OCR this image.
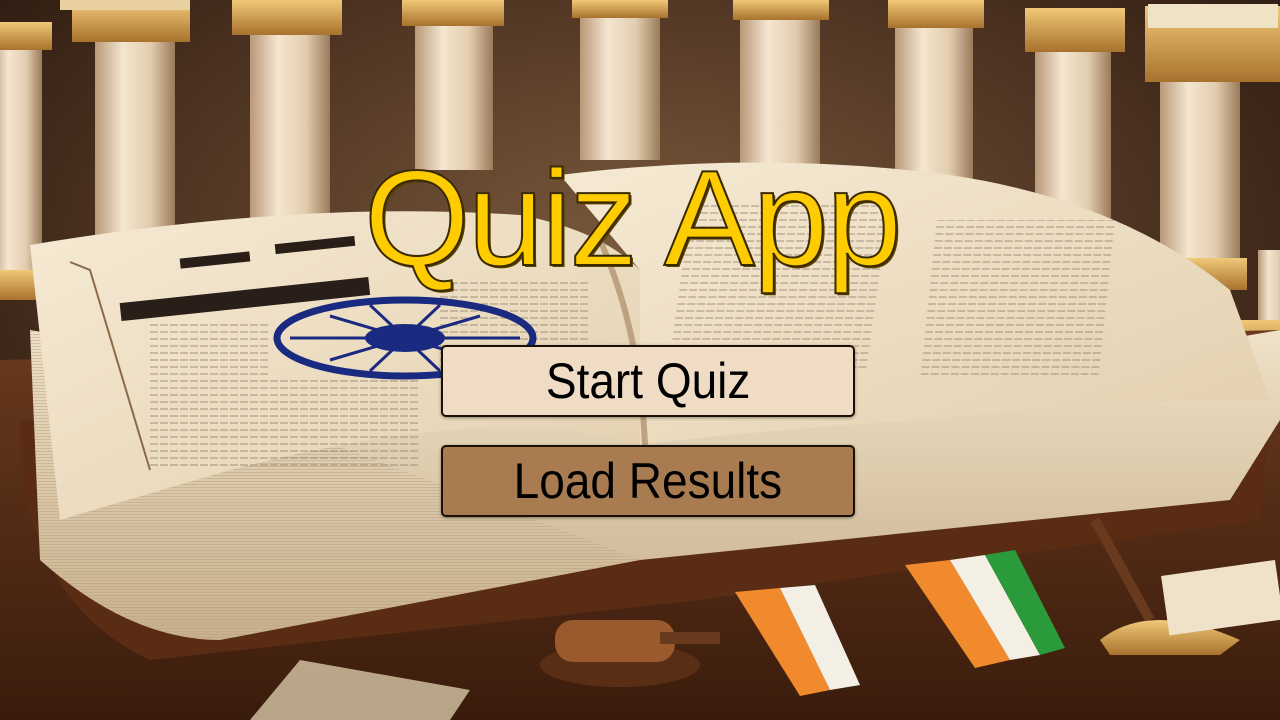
Quiz App
Start Quiz
Load Results
